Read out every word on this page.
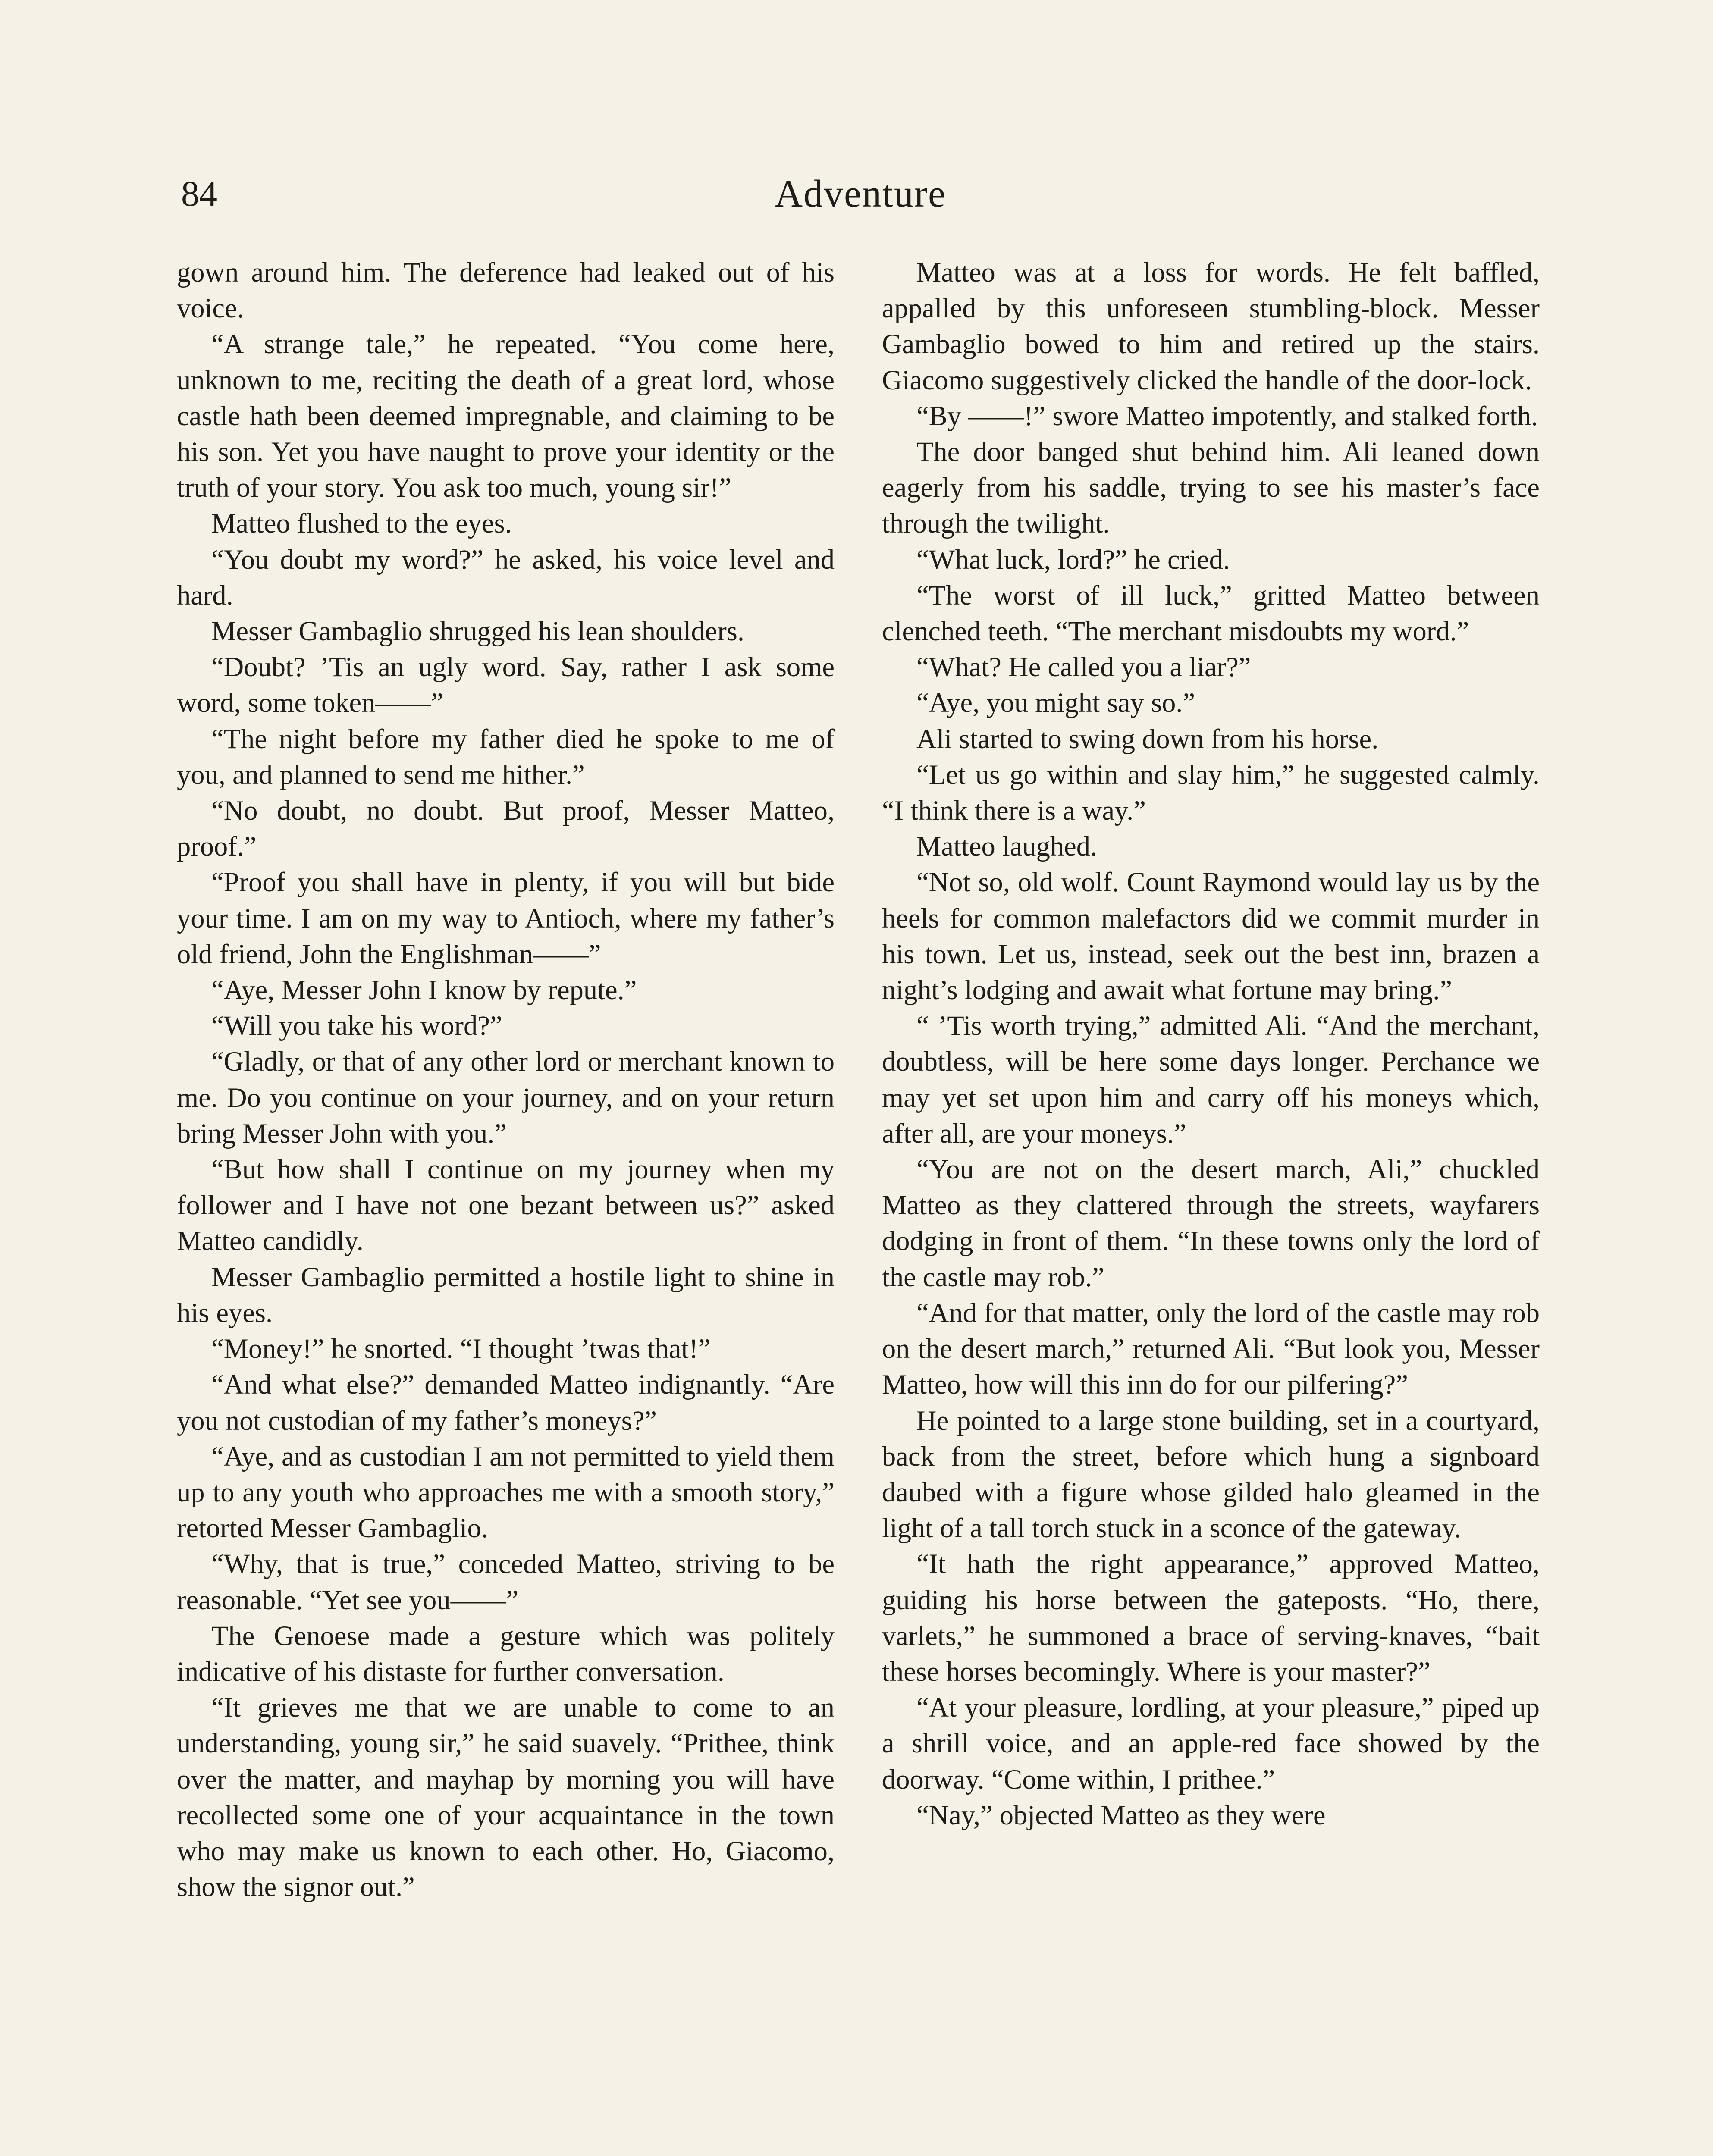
84	Adventure

gown around him. The deference had leaked out of his voice.

“A strange tale,” he repeated. “You come here, unknown to me, reciting the death of a great lord, whose castle hath been deemed impregnable, and claiming to be his son. Yet you have naught to prove your identity or the truth of your story. You ask too much, young sir!”

Matteo flushed to the eyes.

“You doubt my word?” he asked, his voice level and hard.

Messer Gambaglio shrugged his lean shoulders.

“Doubt? ’Tis an ugly word. Say, rather I ask some word, some token——”

“The night before my father died he spoke to me of you, and planned to send me hither.”

“No doubt, no doubt. But proof, Messer Matteo, proof.”

“Proof you shall have in plenty, if you will but bide your time. I am on my way to Antioch, where my father’s old friend, John the Englishman——”

“Aye, Messer John I know by repute.”

“Will you take his word?”

“Gladly, or that of any other lord or merchant known to me. Do you continue on your journey, and on your return bring Messer John with you.”

“But how shall I continue on my journey when my follower and I have not one bezant between us?” asked Matteo candidly.

Messer Gambaglio permitted a hostile light to shine in his eyes.

“Money!” he snorted. “I thought ’twas that!”

“And what else?” demanded Matteo indignantly. “Are you not custodian of my father’s moneys?”

“Aye, and as custodian I am not permitted to yield them up to any youth who approaches me with a smooth story,” retorted Messer Gambaglio.

“Why, that is true,” conceded Matteo, striving to be reasonable. “Yet see you——”

The Genoese made a gesture which was politely indicative of his distaste for further conversation.

“It grieves me that we are unable to come to an understanding, young sir,” he said suavely. “Prithee, think over the matter, and mayhap by morning you will have recollected some one of your acquaintance in the town who may make us known to each other. Ho, Giacomo, show the signor out.”

Matteo was at a loss for words. He felt baffled, appalled by this unforeseen stumbling-block. Messer Gambaglio bowed to him and retired up the stairs. Giacomo suggestively clicked the handle of the door-lock.

“By ——!” swore Matteo impotently, and stalked forth.

The door banged shut behind him. Ali leaned down eagerly from his saddle, trying to see his master’s face through the twilight.

“What luck, lord?” he cried.

“The worst of ill luck,” gritted Matteo between clenched teeth. “The merchant misdoubts my word.”

“What? He called you a liar?”

“Aye, you might say so.”

Ali started to swing down from his horse.

“Let us go within and slay him,” he suggested calmly. “I think there is a way.”

Matteo laughed.

“Not so, old wolf. Count Raymond would lay us by the heels for common malefactors did we commit murder in his town. Let us, instead, seek out the best inn, brazen a night’s lodging and await what fortune may bring.”

“ ’Tis worth trying,” admitted Ali. “And the merchant, doubtless, will be here some days longer. Perchance we may yet set upon him and carry off his moneys which, after all, are your moneys.”

“You are not on the desert march, Ali,” chuckled Matteo as they clattered through the streets, wayfarers dodging in front of them. “In these towns only the lord of the castle may rob.”

“And for that matter, only the lord of the castle may rob on the desert march,” returned Ali. “But look you, Messer Matteo, how will this inn do for our pilfering?”

He pointed to a large stone building, set in a courtyard, back from the street, before which hung a signboard daubed with a figure whose gilded halo gleamed in the light of a tall torch stuck in a sconce of the gateway.

“It hath the right appearance,” approved Matteo, guiding his horse between the gateposts. “Ho, there, varlets,” he summoned a brace of serving-knaves, “bait these horses becomingly. Where is your master?”

“At your pleasure, lordling, at your pleasure,” piped up a shrill voice, and an apple-red face showed by the doorway. “Come within, I prithee.”

“Nay,” objected Matteo as they were
